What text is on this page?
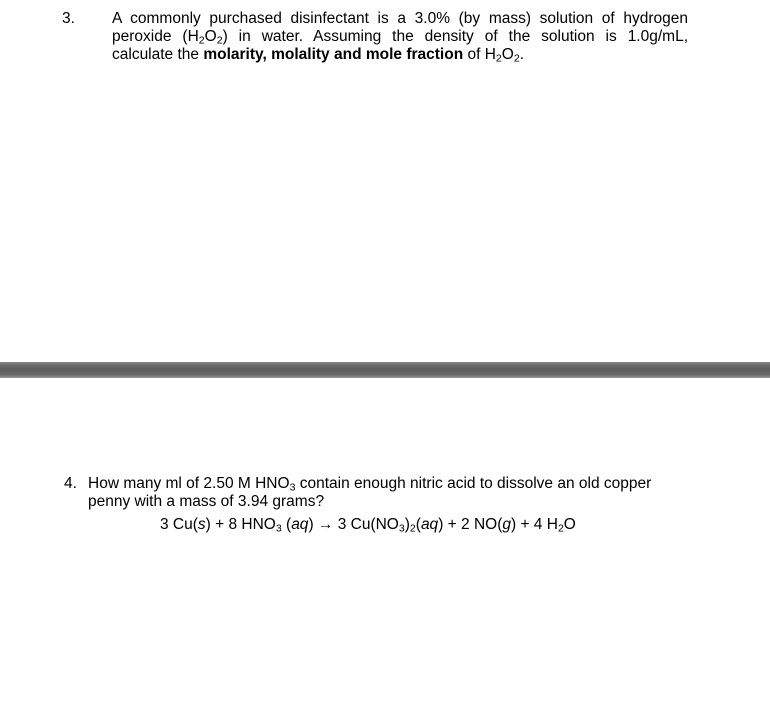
3. A commonly purchased disinfectant is a 3.0% (by mass) solution of hydrogen
peroxide $(H_2O_2)$ in water. Assuming the density of the solution is 1.0g/mL,
calculate the molarity, molality and mole fraction of $H_2O_2$.
4. How many ml of 2.50 M $HNO_3$ contain enough nitric acid to dissolve an old copper
penny with a mass of 3.94 grams?
3 Cu(s) + 8 $HNO_3$ (aq) → 3 $Cu(NO_3)_2(aq) + 2$ NO(g) + 4 $H_2O$
